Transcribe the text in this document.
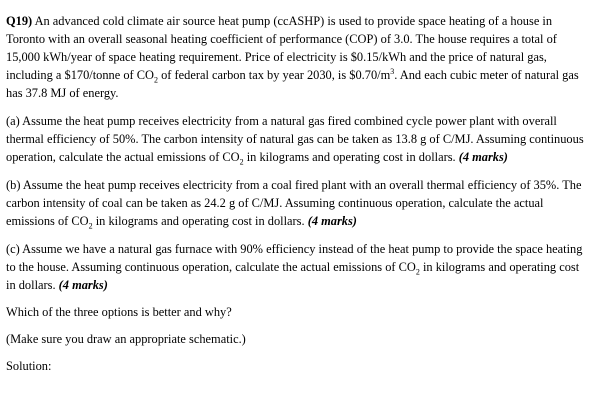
Q19) An advanced cold climate air source heat pump (ccASHP) is used to provide space heating of a house in Toronto with an overall seasonal heating coefficient of performance (COP) of 3.0. The house requires a total of 15,000 kWh/year of space heating requirement. Price of electricity is $0.15/kWh and the price of natural gas, including a $170/tonne of $CO_2$ of federal carbon tax by year 2030, is $\$0.70/m^3$. And each cubic meter of natural gas has 37.8 MJ of energy.

(a) Assume the heat pump receives electricity from a natural gas fired combined cycle power plant with overall thermal efficiency of 50%. The carbon intensity of natural gas can be taken as 13.8 g of C/MJ. Assuming continuous operation, calculate the actual emissions of $CO_2$ in kilograms and operating cost in dollars. (4 marks)

(b) Assume the heat pump receives electricity from a coal fired plant with an overall thermal efficiency of 35%. The carbon intensity of coal can be taken as 24.2 g of C/MJ. Assuming continuous operation, calculate the actual emissions of $CO_2$ in kilograms and operating cost in dollars. (4 marks)

(c) Assume we have a natural gas furnace with 90% efficiency instead of the heat pump to provide the space heating to the house. Assuming continuous operation, calculate the actual emissions of $CO_2$ in kilograms and operating cost in dollars. (4 marks)

Which of the three options is better and why?

(Make sure you draw an appropriate schematic.)

Solution:
